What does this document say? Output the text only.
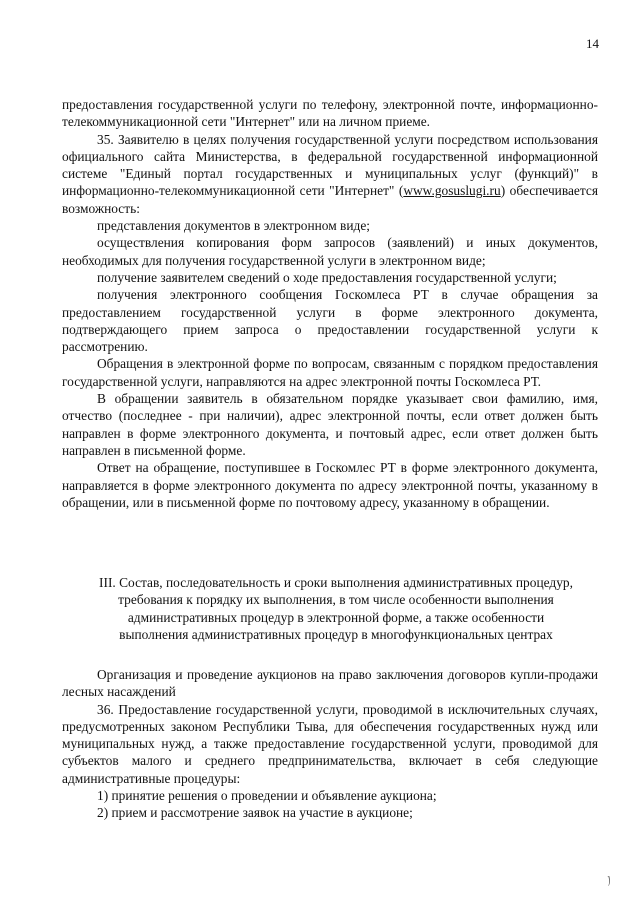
14

предоставления государственной услуги по телефону, электронной почте, информационно-телекоммуникационной сети "Интернет" или на личном приеме.

35. Заявителю в целях получения государственной услуги посредством использования официального сайта Министерства, в федеральной государственной информационной системе "Единый портал государственных и муниципальных услуг (функций)" в информационно-телекоммуникационной сети "Интернет" (www.gosuslugi.ru) обеспечивается возможность:

представления документов в электронном виде;

осуществления копирования форм запросов (заявлений) и иных документов, необходимых для получения государственной услуги в электронном виде;

получение заявителем сведений о ходе предоставления государственной услуги;

получения электронного сообщения Госкомлеса РТ в случае обращения за предоставлением государственной услуги в форме электронного документа, подтверждающего прием запроса о предоставлении государственной услуги к рассмотрению.

Обращения в электронной форме по вопросам, связанным с порядком предоставления государственной услуги, направляются на адрес электронной почты Госкомлеса РТ.

В обращении заявитель в обязательном порядке указывает свои фамилию, имя, отчество (последнее - при наличии), адрес электронной почты, если ответ должен быть направлен в форме электронного документа, и почтовый адрес, если ответ должен быть направлен в письменной форме.

Ответ на обращение, поступившее в Госкомлес РТ в форме электронного документа, направляется в форме электронного документа по адресу электронной почты, указанному в обращении, или в письменной форме по почтовому адресу, указанному в обращении.

III. Состав, последовательность и сроки выполнения административных процедур,
требования к порядку их выполнения, в том числе особенности выполнения
административных процедур в электронной форме, а также особенности
выполнения административных процедур в многофункциональных центрах

Организация и проведение аукционов на право заключения договоров купли-продажи лесных насаждений

36. Предоставление государственной услуги, проводимой в исключительных случаях, предусмотренных законом Республики Тыва, для обеспечения государственных нужд или муниципальных нужд, а также предоставление государственной услуги, проводимой для субъектов малого и среднего предпринимательства, включает в себя следующие административные процедуры:

1) принятие решения о проведении и объявление аукциона;

2) прием и рассмотрение заявок на участие в аукционе;

ﾉ
